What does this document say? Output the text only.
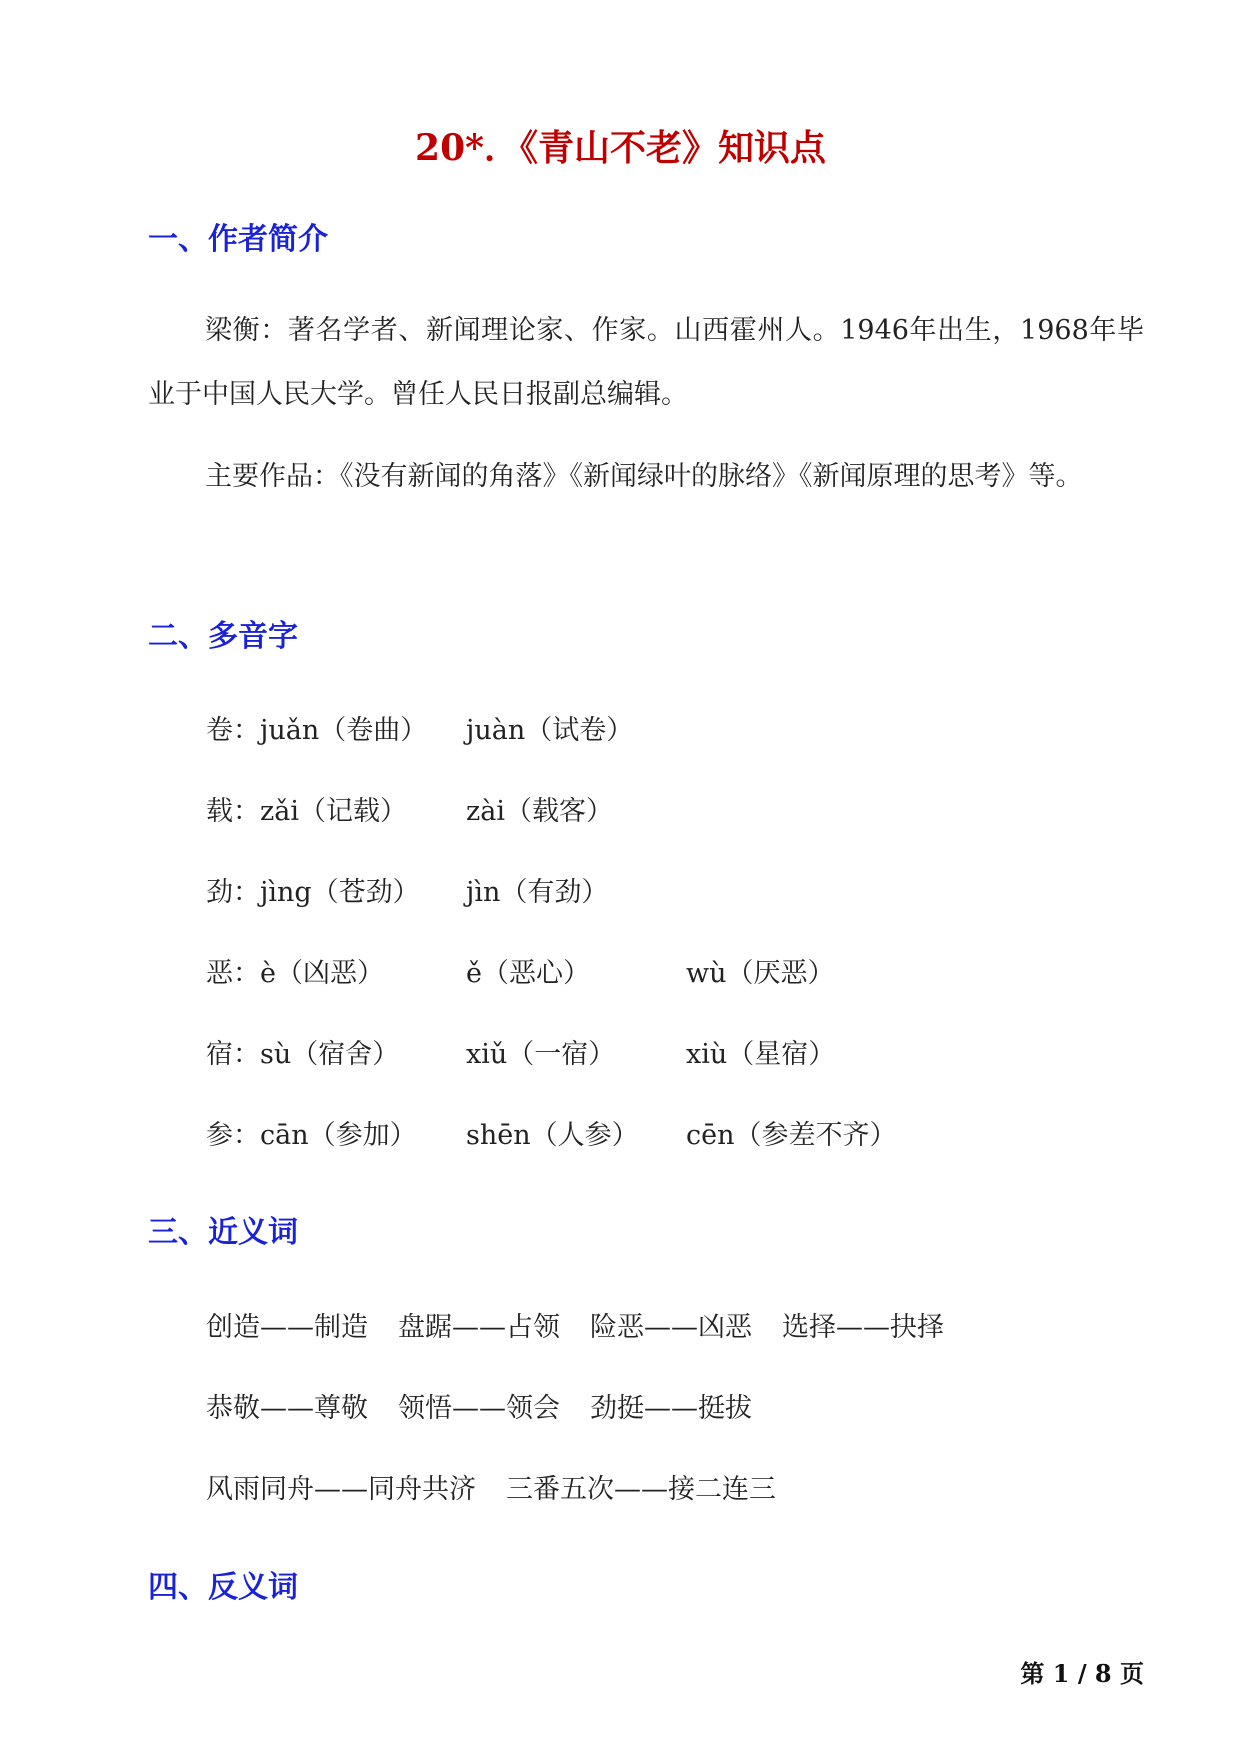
20*．《青山不老》知识点
一、作者简介

梁衡：著名学者、新闻理论家、作家。山西霍州人。1946年出生，1968年毕业于中国人民大学。曾任人民日报副总编辑。

主要作品：《没有新闻的角落》《新闻绿叶的脉络》《新闻原理的思考》等。

二、多音字
卷： juǎn（卷曲） juàn（试卷）
载： zǎi（记载） zài（载客）
劲： jìng（苍劲） jìn（有劲）
恶： è（凶恶）	ě（恶心）	wù（厌恶）
宿： sù（宿舍） xiǔ（一宿）	xiù（星宿）
参： cān（参加） shēn（人参） cēn（参差不齐）
三、近义词
创造——制造 盘踞——占领 险恶——凶恶 选择——抉择
恭敬——尊敬 领悟——领会 劲挺——挺拔
风雨同舟——同舟共济 三番五次——接二连三
四、反义词
第 1 / 8 页
